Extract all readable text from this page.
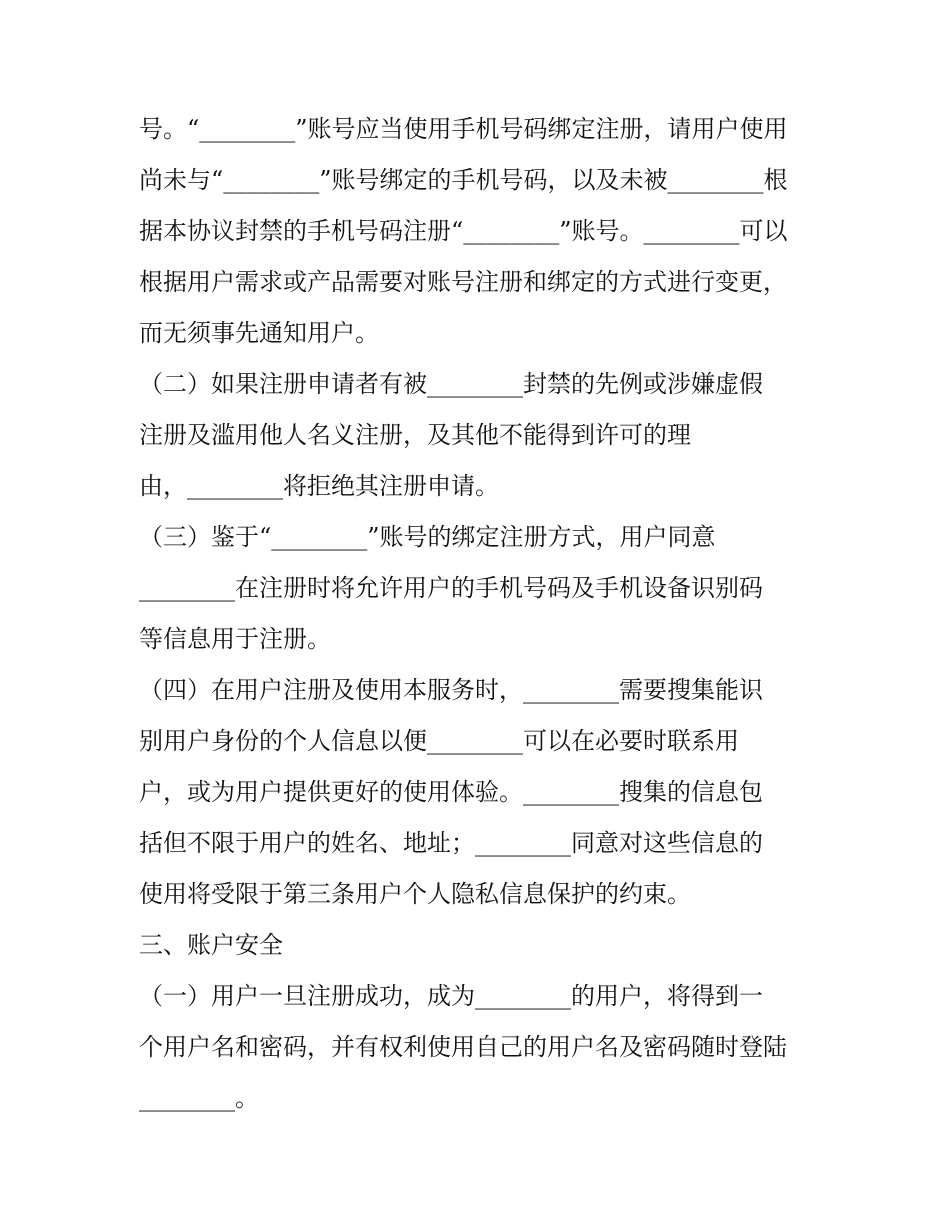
号。“________”账号应当使用手机号码绑定注册，请用户使用
尚未与“________”账号绑定的手机号码，以及未被________根
据本协议封禁的手机号码注册“________”账号。________可以
根据用户需求或产品需要对账号注册和绑定的方式进行变更，
而无须事先通知用户。
（二）如果注册申请者有被________封禁的先例或涉嫌虚假
注册及滥用他人名义注册，及其他不能得到许可的理
由，________将拒绝其注册申请。
（三）鉴于“________”账号的绑定注册方式，用户同意
________在注册时将允许用户的手机号码及手机设备识别码
等信息用于注册。
（四）在用户注册及使用本服务时，________需要搜集能识
别用户身份的个人信息以便________可以在必要时联系用
户，或为用户提供更好的使用体验。________搜集的信息包
括但不限于用户的姓名、地址；________同意对这些信息的
使用将受限于第三条用户个人隐私信息保护的约束。
三、账户安全
（一）用户一旦注册成功，成为________的用户，将得到一
个用户名和密码，并有权利使用自己的用户名及密码随时登陆
________。
